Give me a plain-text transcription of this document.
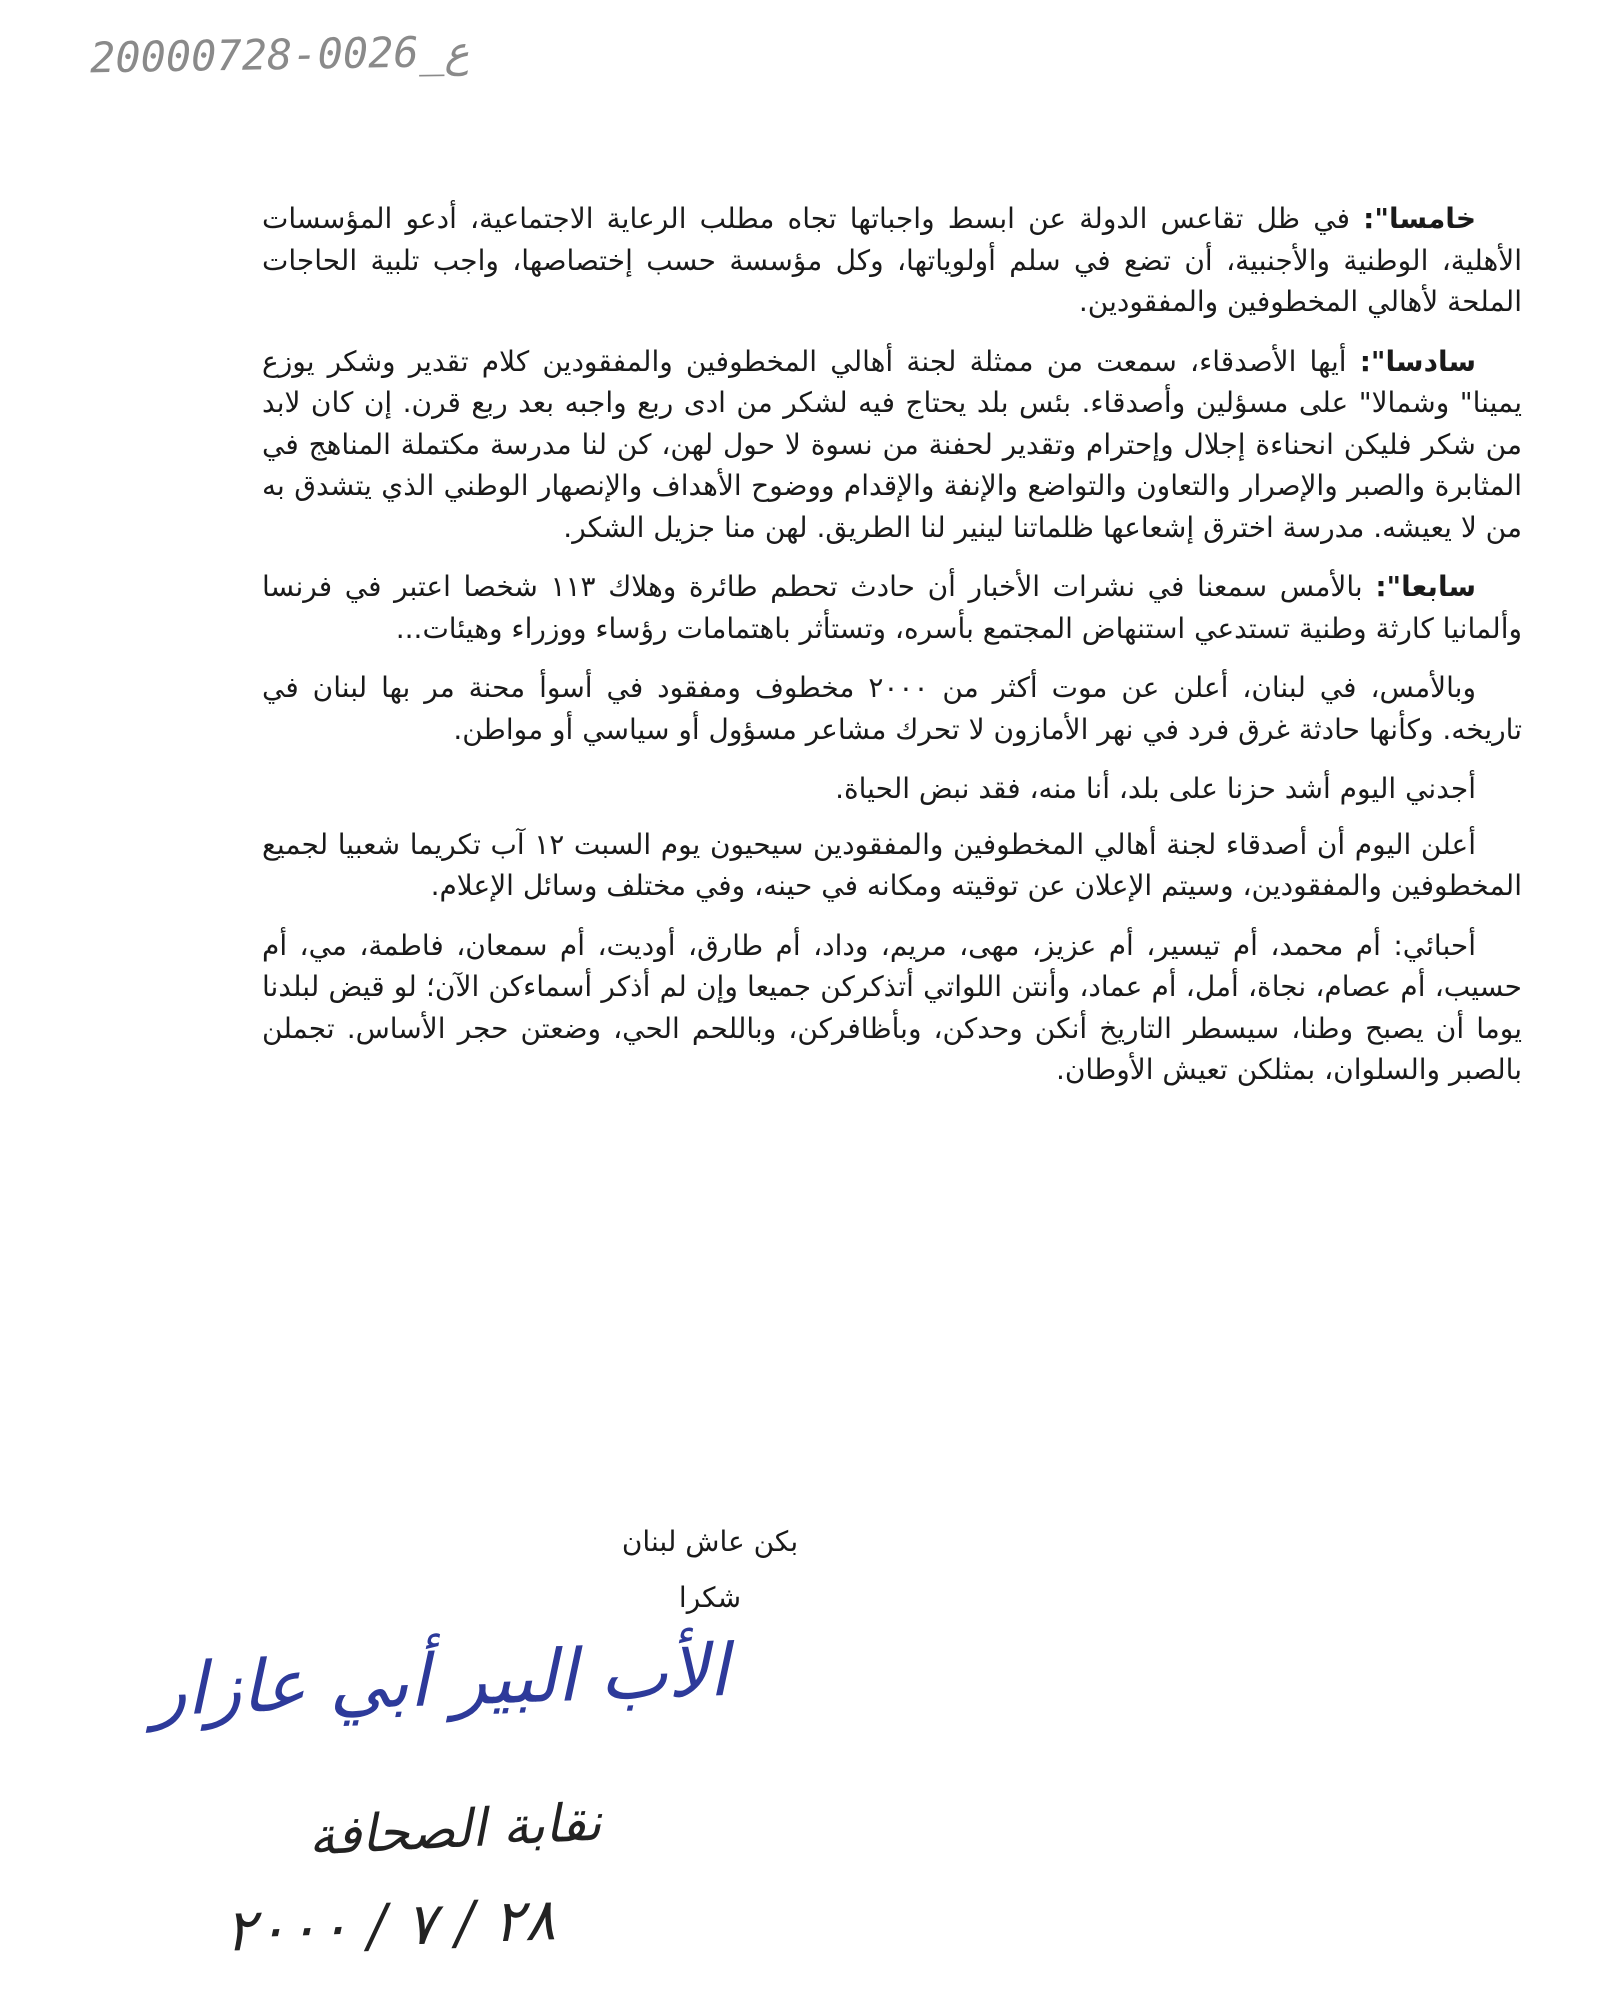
20000728-0026_ع

خامسا": في ظل تقاعس الدولة عن ابسط واجباتها تجاه مطلب الرعاية الاجتماعية، أدعو المؤسسات الأهلية، الوطنية والأجنبية، أن تضع في سلم أولوياتها، وكل مؤسسة حسب إختصاصها، واجب تلبية الحاجات الملحة لأهالي المخطوفين والمفقودين.

سادسا": أيها الأصدقاء، سمعت من ممثلة لجنة أهالي المخطوفين والمفقودين كلام تقدير وشكر يوزع يمينا" وشمالا" على مسؤلين وأصدقاء. بئس بلد يحتاج فيه لشكر من ادى ربع واجبه بعد ربع قرن. إن كان لابد من شكر فليكن انحناءة إجلال وإحترام وتقدير لحفنة من نسوة لا حول لهن، كن لنا مدرسة مكتملة المناهج في المثابرة والصبر والإصرار والتعاون والتواضع والإنفة والإقدام ووضوح الأهداف والإنصهار الوطني الذي يتشدق به من لا يعيشه. مدرسة اخترق إشعاعها ظلماتنا لينير لنا الطريق. لهن منا جزيل الشكر.

سابعا": بالأمس سمعنا في نشرات الأخبار أن حادث تحطم طائرة وهلاك ١١٣ شخصا اعتبر في فرنسا وألمانيا كارثة وطنية تستدعي استنهاض المجتمع بأسره، وتستأثر باهتمامات رؤساء ووزراء وهيئات...

وبالأمس، في لبنان، أعلن عن موت أكثر من ٢٠٠٠ مخطوف ومفقود في أسوأ محنة مر بها لبنان في تاريخه. وكأنها حادثة غرق فرد في نهر الأمازون لا تحرك مشاعر مسؤول أو سياسي أو مواطن.

أجدني اليوم أشد حزنا على بلد، أنا منه، فقد نبض الحياة.

أعلن اليوم أن أصدقاء لجنة أهالي المخطوفين والمفقودين سيحيون يوم السبت ١٢ آب تكريما شعبيا لجميع المخطوفين والمفقودين، وسيتم الإعلان عن توقيته ومكانه في حينه، وفي مختلف وسائل الإعلام.

أحبائي: أم محمد، أم تيسير، أم عزيز، مهى، مريم، وداد، أم طارق، أوديت، أم سمعان، فاطمة، مي، أم حسيب، أم عصام، نجاة، أمل، أم عماد، وأنتن اللواتي أتذكركن جميعا وإن لم أذكر أسماءكن الآن؛ لو قيض لبلدنا يوما أن يصبح وطنا، سيسطر التاريخ أنكن وحدكن، وبأظافركن، وباللحم الحي، وضعتن حجر الأساس. تجملن بالصبر والسلوان، بمثلكن تعيش الأوطان.

بكن عاش لبنان
شكرا
الأب البير أبي عازار
نقابة الصحافة
٢٨ / ٧ / ٢٠٠٠
